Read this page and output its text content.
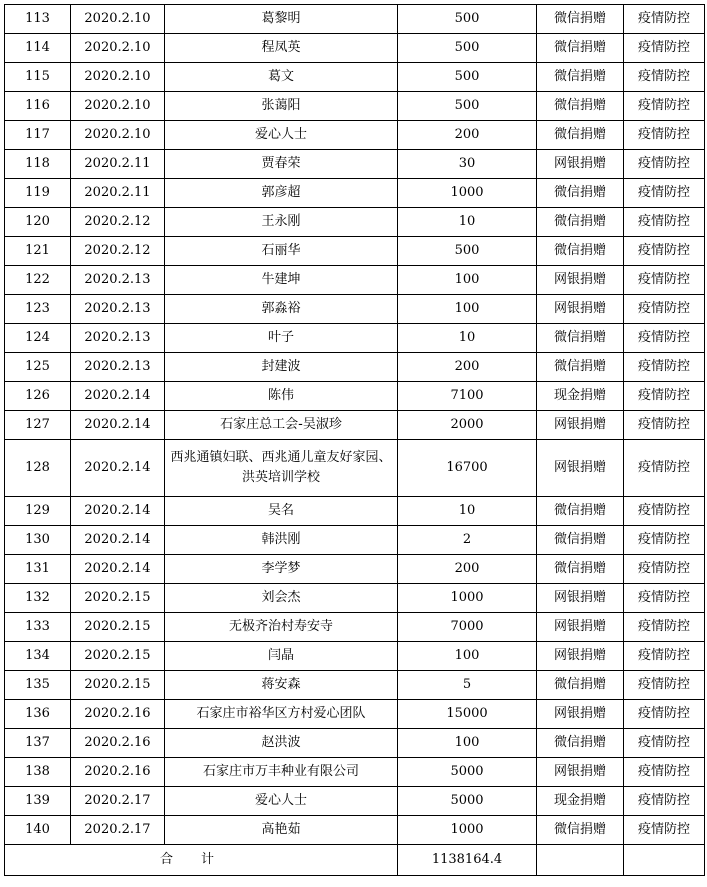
113	2020.2.10	葛黎明	500	微信捐赠	疫情防控
114	2020.2.10	程凤英	500	微信捐赠	疫情防控
115	2020.2.10	葛文	500	微信捐赠	疫情防控
116	2020.2.10	张蔼阳	500	微信捐赠	疫情防控
117	2020.2.10	爱心人士	200	微信捐赠	疫情防控
118	2020.2.11	贾春荣	30	网银捐赠	疫情防控
119	2020.2.11	郭彦超	1000	微信捐赠	疫情防控
120	2020.2.12	王永刚	10	微信捐赠	疫情防控
121	2020.2.12	石丽华	500	微信捐赠	疫情防控
122	2020.2.13	牛建坤	100	网银捐赠	疫情防控
123	2020.2.13	郭淼裕	100	网银捐赠	疫情防控
124	2020.2.13	叶子	10	微信捐赠	疫情防控
125	2020.2.13	封建波	200	微信捐赠	疫情防控
126	2020.2.14	陈伟	7100	现金捐赠	疫情防控
127	2020.2.14	石家庄总工会-吴淑珍	2000	网银捐赠	疫情防控
128	2020.2.14	西兆通镇妇联、西兆通儿童友好家园、洪英培训学校	16700	网银捐赠	疫情防控
129	2020.2.14	吴名	10	微信捐赠	疫情防控
130	2020.2.14	韩洪刚	2	微信捐赠	疫情防控
131	2020.2.14	李学梦	200	微信捐赠	疫情防控
132	2020.2.15	刘会杰	1000	网银捐赠	疫情防控
133	2020.2.15	无极齐治村寿安寺	7000	网银捐赠	疫情防控
134	2020.2.15	闫晶	100	网银捐赠	疫情防控
135	2020.2.15	蒋安森	5	微信捐赠	疫情防控
136	2020.2.16	石家庄市裕华区方村爱心团队	15000	网银捐赠	疫情防控
137	2020.2.16	赵洪波	100	微信捐赠	疫情防控
138	2020.2.16	石家庄市万丰种业有限公司	5000	网银捐赠	疫情防控
139	2020.2.17	爱心人士	5000	现金捐赠	疫情防控
140	2020.2.17	高艳茹	1000	微信捐赠	疫情防控
合计			1138164.4		
